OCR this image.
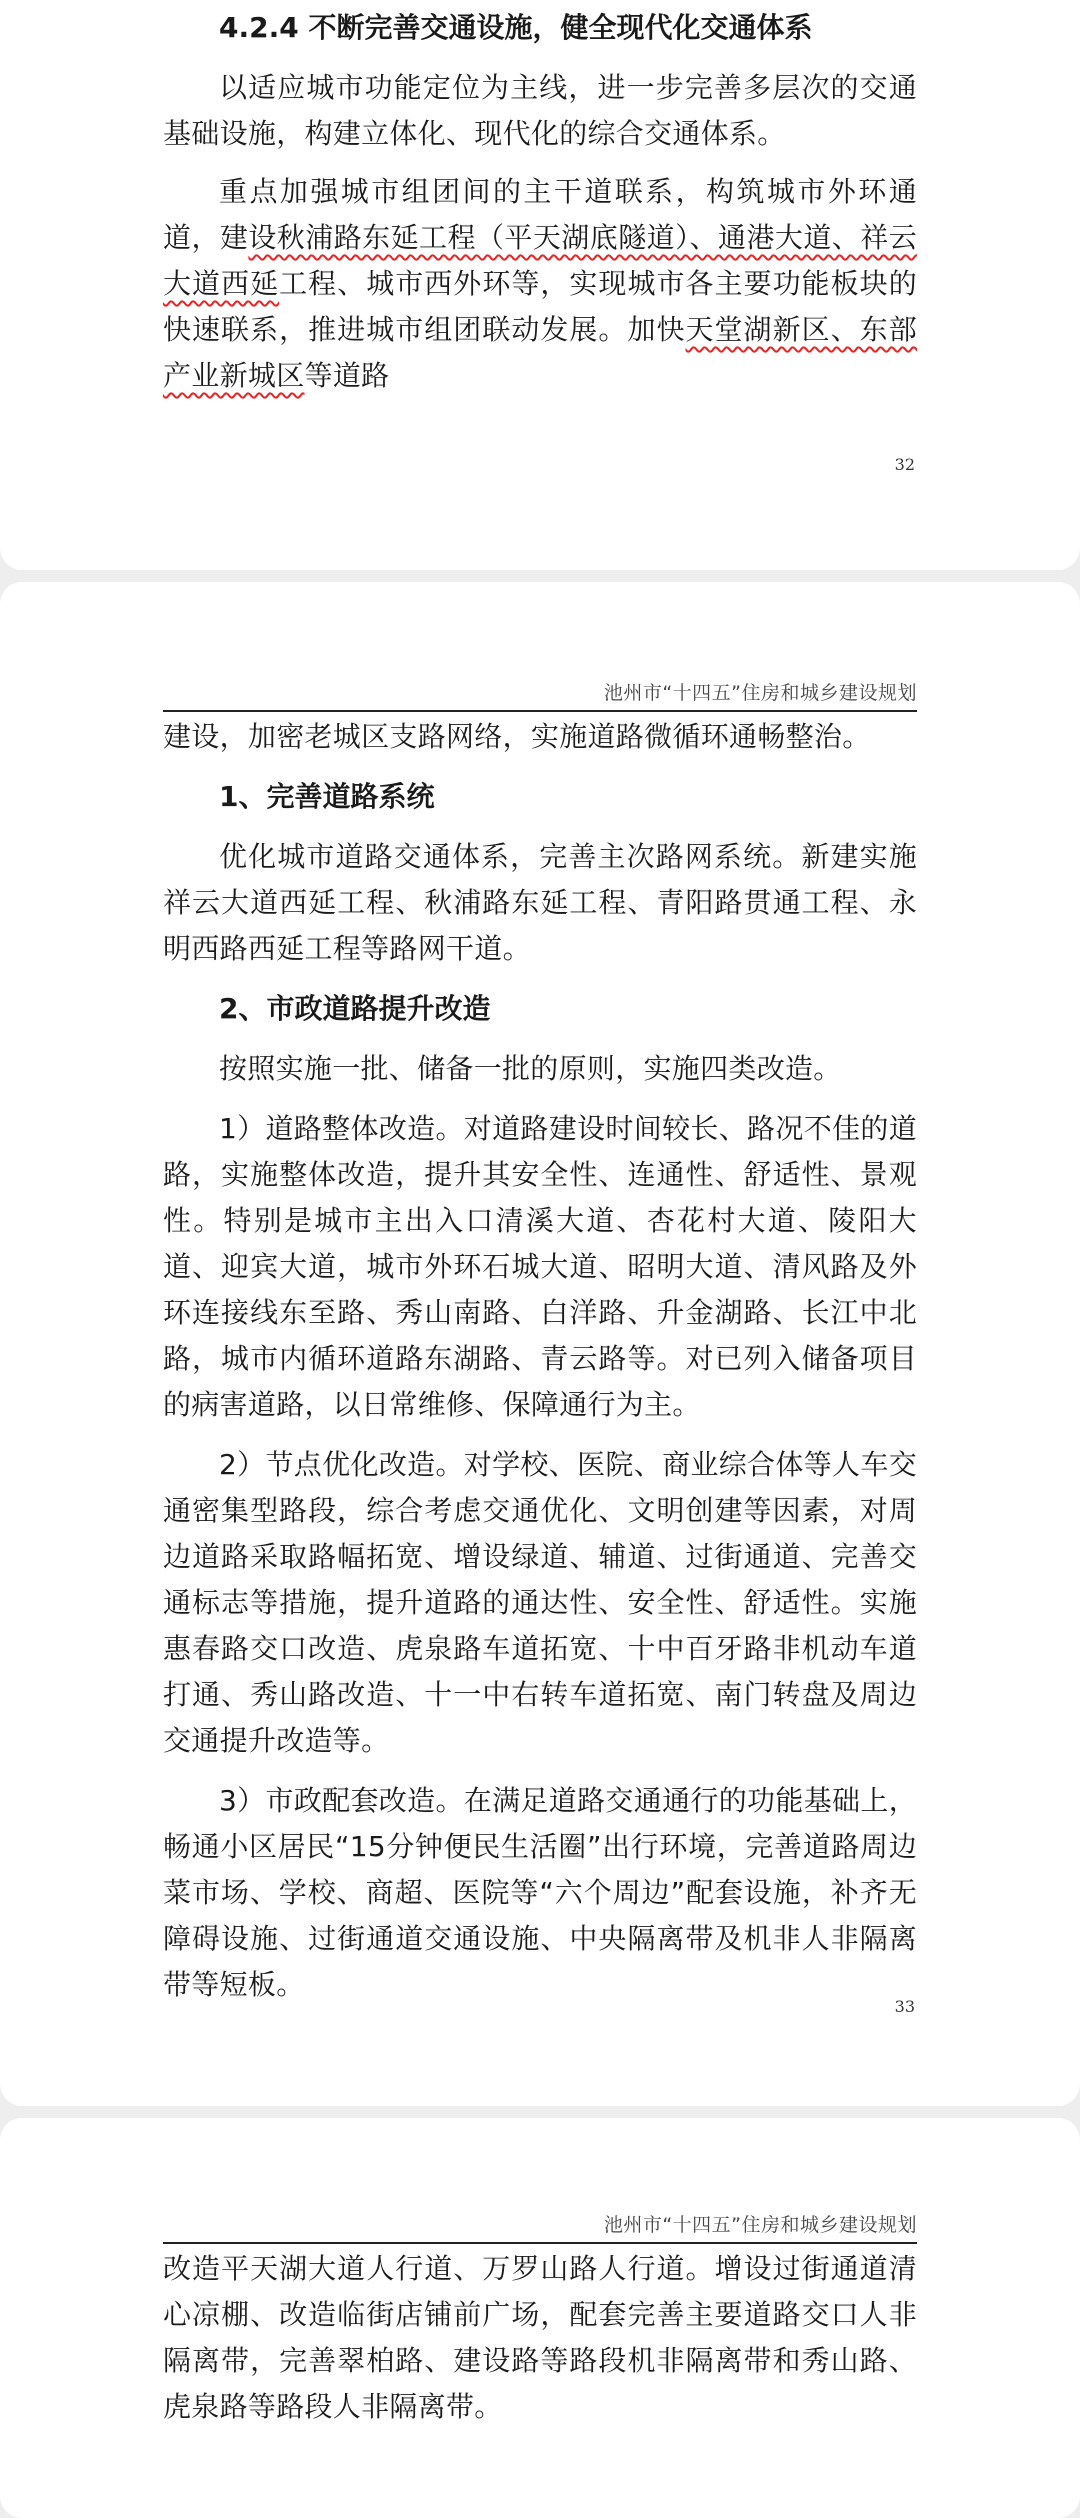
4.2.4 不断完善交通设施，健全现代化交通体系

以适应城市功能定位为主线，进一步完善多层次的交通基础设施，构建立体化、现代化的综合交通体系。

重点加强城市组团间的主干道联系，构筑城市外环通道，建设秋浦路东延工程（平天湖底隧道）、通港大道、祥云大道西延工程、城市西外环等，实现城市各主要功能板块的快速联系，推进城市组团联动发展。加快天堂湖新区、东部产业新城区等道路

32
池州市“十四五”住房和城乡建设规划

建设，加密老城区支路网络，实施道路微循环通畅整治。

1、完善道路系统

优化城市道路交通体系，完善主次路网系统。新建实施祥云大道西延工程、秋浦路东延工程、青阳路贯通工程、永明西路西延工程等路网干道。

2、市政道路提升改造

按照实施一批、储备一批的原则，实施四类改造。

1）道路整体改造。对道路建设时间较长、路况不佳的道路，实施整体改造，提升其安全性、连通性、舒适性、景观性。特别是城市主出入口清溪大道、杏花村大道、陵阳大道、迎宾大道，城市外环石城大道、昭明大道、清风路及外环连接线东至路、秀山南路、白洋路、升金湖路、长江中北路，城市内循环道路东湖路、青云路等。对已列入储备项目的病害道路，以日常维修、保障通行为主。

2）节点优化改造。对学校、医院、商业综合体等人车交通密集型路段，综合考虑交通优化、文明创建等因素，对周边道路采取路幅拓宽、增设绿道、辅道、过街通道、完善交通标志等措施，提升道路的通达性、安全性、舒适性。实施惠春路交口改造、虎泉路车道拓宽、十中百牙路非机动车道打通、秀山路改造、十一中右转车道拓宽、南门转盘及周边交通提升改造等。

3）市政配套改造。在满足道路交通通行的功能基础上，畅通小区居民“15分钟便民生活圈”出行环境，完善道路周边菜市场、学校、商超、医院等“六个周边”配套设施，补齐无障碍设施、过街通道交通设施、中央隔离带及机非人非隔离带等短板。

33
池州市“十四五”住房和城乡建设规划

改造平天湖大道人行道、万罗山路人行道。增设过街通道清心凉棚、改造临街店铺前广场，配套完善主要道路交口人非隔离带，完善翠柏路、建设路等路段机非隔离带和秀山路、虎泉路等路段人非隔离带。
